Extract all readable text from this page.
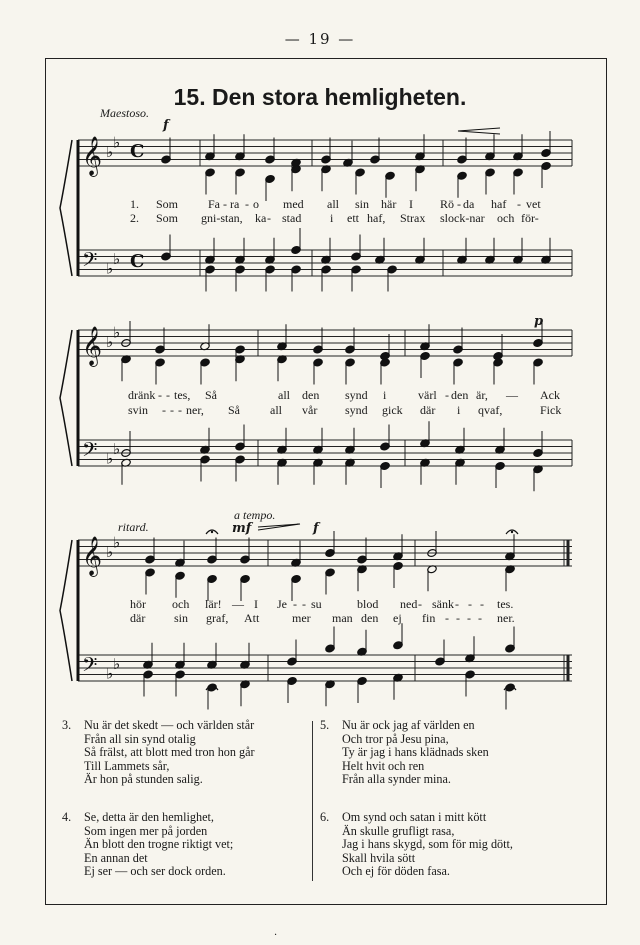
— 19 —
15. Den stora hemligheten.
Maestoso.
f
p
a tempo.
ritard.	mf	f
𝄞 ♭
♭ C
𝄢 ♭
♭ C
𝄞 ♭
♭
𝄢 ♭
♭
𝄞 ♭
♭
𝄢 ♭
♭
1. Som Fa - ra - o med all sin här I Rö - da haf - vet
2. Som gni-stan, ka - stad i ett haf, Strax slock-nar och för-
dränk - - tes, Så	all den synd i	värl - den är, — Ack
svin - - - ner, Så	all vår synd gick där i qvaf,	Fick
hör och lär! — I Je - - su	blod ned - sänk - - - tes.
där sin graf, Att	mer man den ej fin - - - - ner.
3. Nu är det skedt — och världen står
Från all sin synd otalig
Så frälst, att blott med tron hon går
Till Lammets sår,
Är hon på stunden salig.
4. Se, detta är den hemlighet,
Som ingen mer på jorden
Än blott den trogne riktigt vet;
En annan det
Ej ser — och ser dock orden.
5. Nu är ock jag af världen en
Och tror på Jesu pina,
Ty är jag i hans klädnads sken
Helt hvit och ren
Från alla synder mina.
6. Om synd och satan i mitt kött
Än skulle grufligt rasa,
Jag i hans skygd, som för mig dött,
Skall hvila sött
Och ej för döden fasa.
·
